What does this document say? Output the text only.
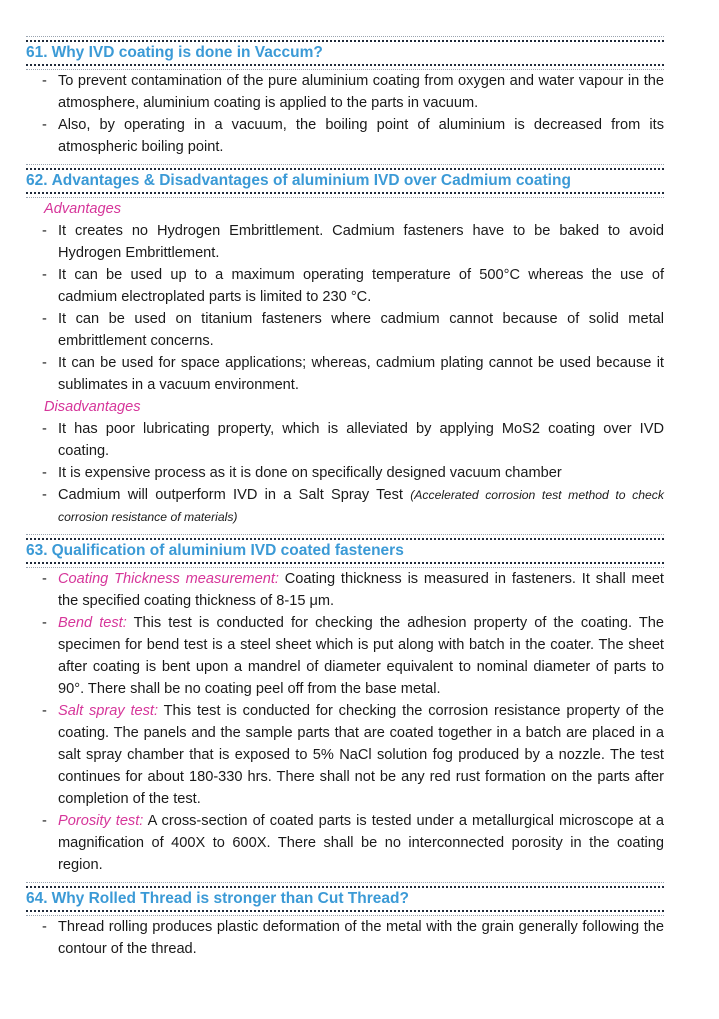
61. Why IVD coating is done in Vaccum?
- To prevent contamination of the pure aluminium coating from oxygen and water vapour in the atmosphere, aluminium coating is applied to the parts in vacuum.
- Also, by operating in a vacuum, the boiling point of aluminium is decreased from its atmospheric boiling point.
62. Advantages & Disadvantages of aluminium IVD over Cadmium coating
Advantages
- It creates no Hydrogen Embrittlement. Cadmium fasteners have to be baked to avoid Hydrogen Embrittlement.
- It can be used up to a maximum operating temperature of 500°C whereas the use of cadmium electroplated parts is limited to 230 °C.
- It can be used on titanium fasteners where cadmium cannot because of solid metal embrittlement concerns.
- It can be used for space applications; whereas, cadmium plating cannot be used because it sublimates in a vacuum environment.
Disadvantages
- It has poor lubricating property, which is alleviated by applying MoS2 coating over IVD coating.
- It is expensive process as it is done on specifically designed vacuum chamber
- Cadmium will outperform IVD in a Salt Spray Test (Accelerated corrosion test method to check corrosion resistance of materials)
63. Qualification of aluminium IVD coated fasteners
- Coating Thickness measurement: Coating thickness is measured in fasteners. It shall meet the specified coating thickness of 8-15 μm.
- Bend test: This test is conducted for checking the adhesion property of the coating. The specimen for bend test is a steel sheet which is put along with batch in the coater. The sheet after coating is bent upon a mandrel of diameter equivalent to nominal diameter of parts to 90°. There shall be no coating peel off from the base metal.
- Salt spray test: This test is conducted for checking the corrosion resistance property of the coating. The panels and the sample parts that are coated together in a batch are placed in a salt spray chamber that is exposed to 5% NaCl solution fog produced by a nozzle. The test continues for about 180-330 hrs. There shall not be any red rust formation on the parts after completion of the test.
- Porosity test: A cross-section of coated parts is tested under a metallurgical microscope at a magnification of 400X to 600X. There shall be no interconnected porosity in the coating region.
64. Why Rolled Thread is stronger than Cut Thread?
- Thread rolling produces plastic deformation of the metal with the grain generally following the contour of the thread.
